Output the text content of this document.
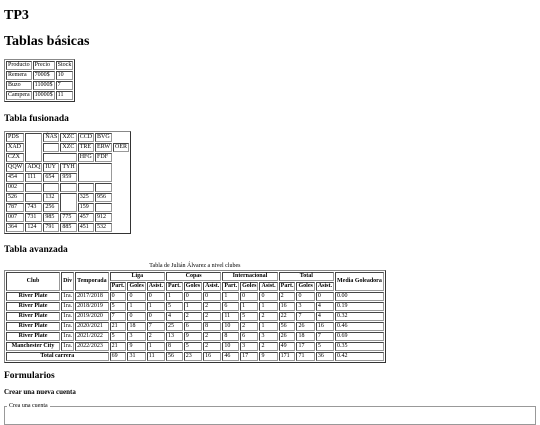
TP3
Tablas básicas
Producto	Precio	Stock
Remera	7000$	10
Buzo	11000$	7
Campera	10000$	11
Tabla fusionada
PDS		ÑAS	XZC	CCD	BVG	
XAD			XZC	TRE	ERW	OER
CZX				HFG	FDF	
QQW	ADQ	IUY	TYH			
454	111	654	959			
002						
526		132		325	956	
787	743	256		159		
007	731	985	775	457	912	
364	124	791	885	451	532	
Tabla avanzada
Tabla de Julián Álvarez a nivel clubes
Club	Div	Temporada	Liga			Copas			Internacional			Total			Media Goleadora
			Part.	Goles	Asist.	Part.	Goles	Asist.	Part.	Goles	Asist.	Part.	Goles	Asist.	
River Plate	1ra.	2017/2018	0	0	0	1	0	0	1	0	0	2	0	0	0.00
River Plate	1ra.	2018/2019	5	1	1	5	1	2	6	1	1	16	3	4	0.19
River Plate	1ra.	2019/2020	7	0	0	4	2	2	11	5	2	22	7	4	0.32
River Plate	1ra.	2020/2021	21	18	7	25	6	8	10	2	1	56	26	16	0.46
River Plate	1ra.	2021/2022	5	3	2	13	9	2	8	6	3	26	18	7	0.69
Manchester City	1ra.	2022/2023	21	9	1	8	5	2	10	3	2	49	17	5	0.35
Total carrera			69	31	11	56	23	16	46	17	9	171	71	36	0.42
Formularios
Crear una nueva cuenta
Crea una cuenta
